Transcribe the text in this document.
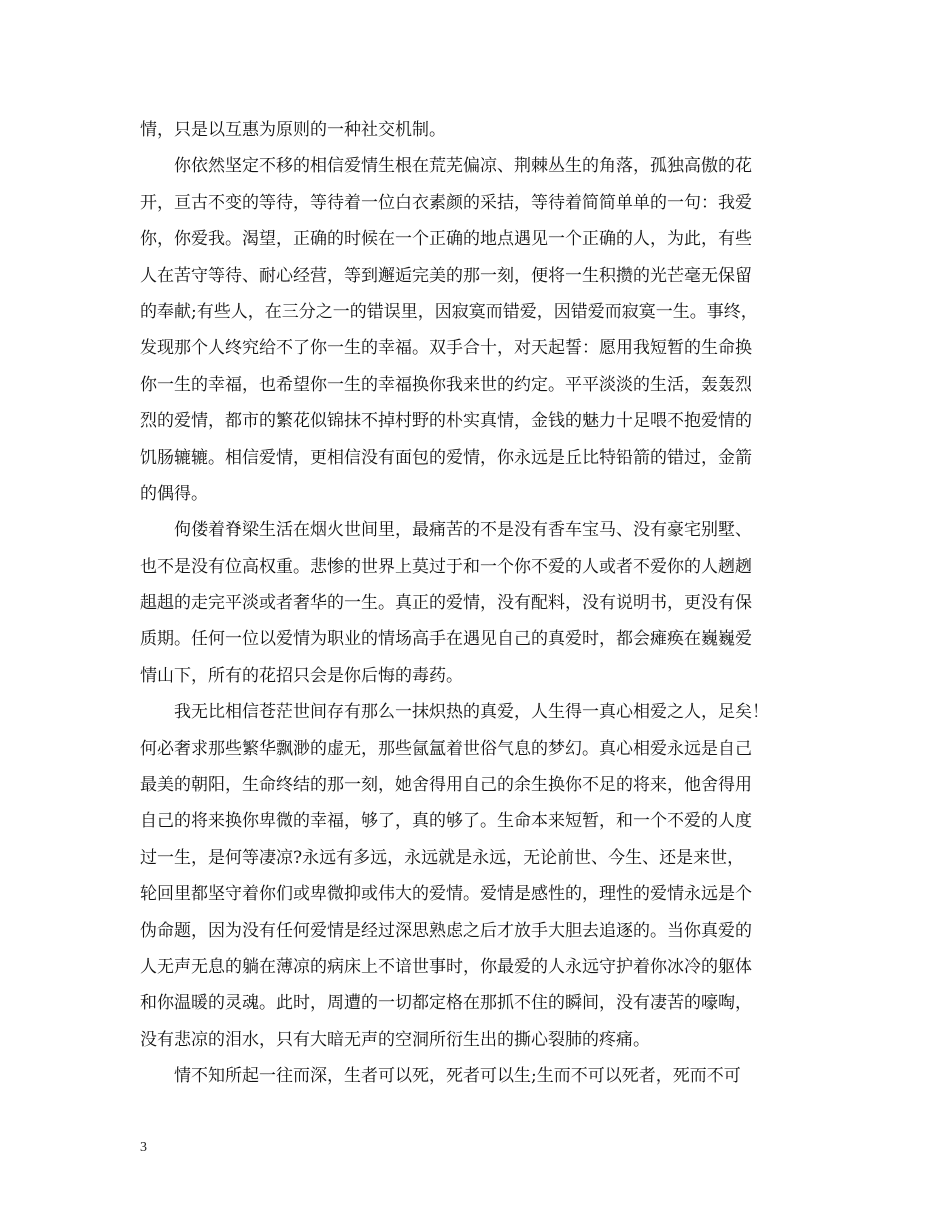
情，只是以互惠为原则的一种社交机制。
你依然坚定不移的相信爱情生根在荒芜偏凉、荆棘丛生的角落，孤独高傲的花
开，亘古不变的等待，等待着一位白衣素颜的采拮，等待着简简单单的一句：我爱
你，你爱我。渴望，正确的时候在一个正确的地点遇见一个正确的人，为此，有些
人在苦守等待、耐心经营，等到邂逅完美的那一刻，便将一生积攒的光芒毫无保留
的奉献;有些人，在三分之一的错误里，因寂寞而错爱，因错爱而寂寞一生。事终，
发现那个人终究给不了你一生的幸福。双手合十，对天起誓：愿用我短暂的生命换
你一生的幸福，也希望你一生的幸福换你我来世的约定。平平淡淡的生活，轰轰烈
烈的爱情，都市的繁花似锦抹不掉村野的朴实真情，金钱的魅力十足喂不抱爱情的
饥肠辘辘。相信爱情，更相信没有面包的爱情，你永远是丘比特铅箭的错过，金箭
的偶得。
佝偻着脊梁生活在烟火世间里，最痛苦的不是没有香车宝马、没有豪宅别墅、
也不是没有位高权重。悲惨的世界上莫过于和一个你不爱的人或者不爱你的人趔趔
趄趄的走完平淡或者奢华的一生。真正的爱情，没有配料，没有说明书，更没有保
质期。任何一位以爱情为职业的情场高手在遇见自己的真爱时，都会瘫痪在巍巍爱
情山下，所有的花招只会是你后悔的毒药。
我无比相信苍茫世间存有那么一抹炽热的真爱，人生得一真心相爱之人，足矣！
何必奢求那些繁华飘渺的虚无，那些氤氲着世俗气息的梦幻。真心相爱永远是自己
最美的朝阳，生命终结的那一刻，她舍得用自己的余生换你不足的将来，他舍得用
自己的将来换你卑微的幸福，够了，真的够了。生命本来短暂，和一个不爱的人度
过一生，是何等凄凉?永远有多远，永远就是永远，无论前世、今生、还是来世，
轮回里都坚守着你们或卑微抑或伟大的爱情。爱情是感性的，理性的爱情永远是个
伪命题，因为没有任何爱情是经过深思熟虑之后才放手大胆去追逐的。当你真爱的
人无声无息的躺在薄凉的病床上不谙世事时，你最爱的人永远守护着你冰冷的躯体
和你温暖的灵魂。此时，周遭的一切都定格在那抓不住的瞬间，没有凄苦的嚎啕，
没有悲凉的泪水，只有大暗无声的空洞所衍生出的撕心裂肺的疼痛。
情不知所起一往而深，生者可以死，死者可以生;生而不可以死者，死而不可
3
